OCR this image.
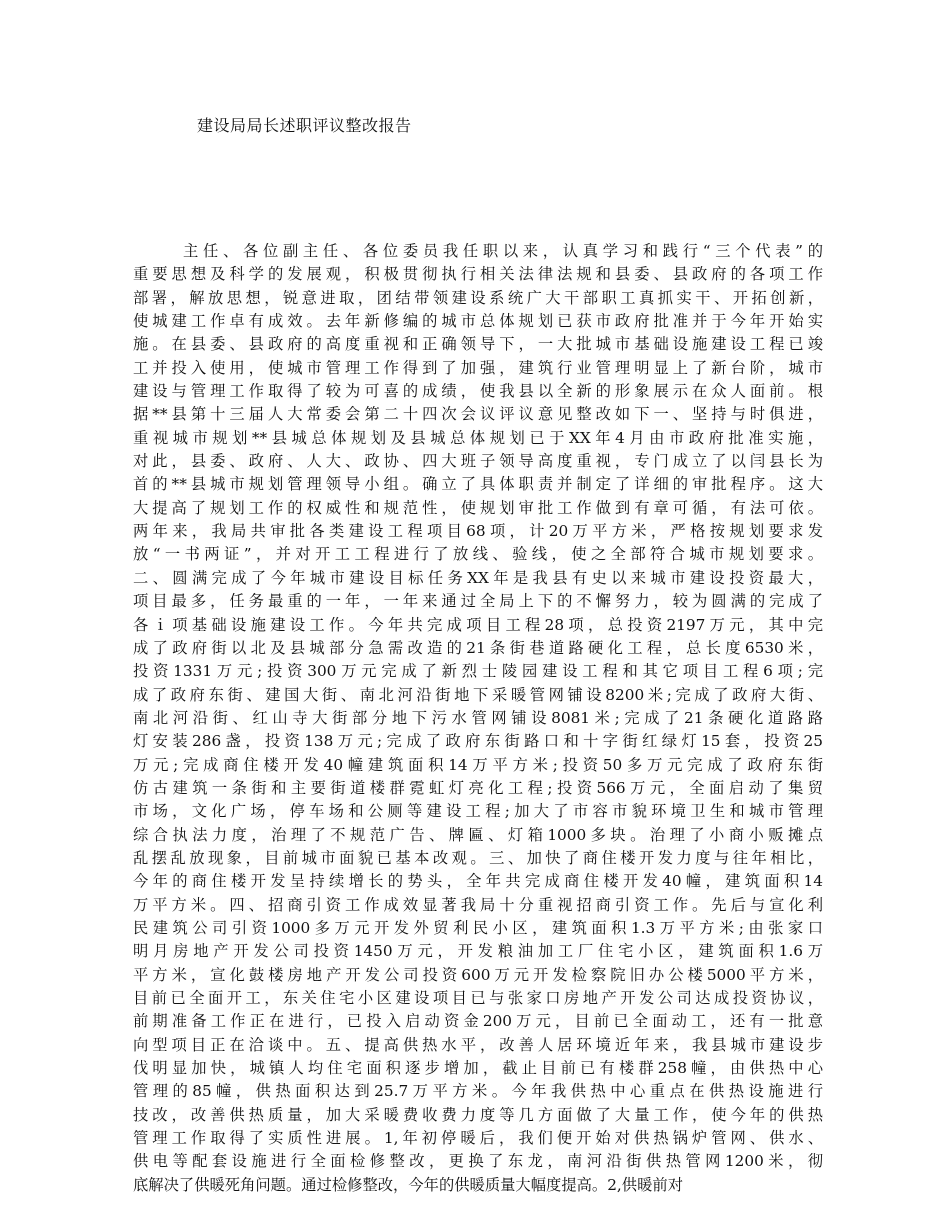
建设局局长述职评议整改报告
主任、各位副主任、各位委员我任职以来，认真学习和践行“三个代表”的
重要思想及科学的发展观，积极贯彻执行相关法律法规和县委、县政府的各项工作
部署，解放思想，锐意进取，团结带领建设系统广大干部职工真抓实干、开拓创新，
使城建工作卓有成效。去年新修编的城市总体规划已获市政府批准并于今年开始实
施。在县委、县政府的高度重视和正确领导下，一大批城市基础设施建设工程已竣
工并投入使用，使城市管理工作得到了加强，建筑行业管理明显上了新台阶，城市
建设与管理工作取得了较为可喜的成绩，使我县以全新的形象展示在众人面前。根
据**县第十三届人大常委会第二十四次会议评议意见整改如下一、坚持与时俱进，
重视城市规划**县城总体规划及县城总体规划已于XX年4月由市政府批准实施，
对此，县委、政府、人大、政协、四大班子领导高度重视，专门成立了以闫县长为
首的**县城市规划管理领导小组。确立了具体职责并制定了详细的审批程序。这大
大提高了规划工作的权威性和规范性，使规划审批工作做到有章可循，有法可依。
两年来，我局共审批各类建设工程项目68项，计20万平方米，严格按规划要求发
放“一书两证”，并对开工工程进行了放线、验线，使之全部符合城市规划要求。
二、圆满完成了今年城市建设目标任务XX年是我县有史以来城市建设投资最大，
项目最多，任务最重的一年，一年来通过全局上下的不懈努力，较为圆满的完成了
各ｉ项基础设施建设工作。今年共完成项目工程28项，总投资2197万元，其中完
成了政府街以北及县城部分急需改造的21条街巷道路硬化工程，总长度6530米，
投资1331万元;投资300万元完成了新烈士陵园建设工程和其它项目工程6项;完
成了政府东街、建国大街、南北河沿街地下采暖管网铺设8200米;完成了政府大街、
南北河沿街、红山寺大街部分地下污水管网铺设8081米;完成了21条硬化道路路
灯安装286盏，投资138万元;完成了政府东街路口和十字街红绿灯15套，投资25
万元;完成商住楼开发40幢建筑面积14万平方米;投资50多万元完成了政府东街
仿古建筑一条街和主要街道楼群霓虹灯亮化工程;投资566万元，全面启动了集贸
市场，文化广场，停车场和公厕等建设工程;加大了市容市貌环境卫生和城市管理
综合执法力度，治理了不规范广告、牌匾、灯箱1000多块。治理了小商小贩摊点
乱摆乱放现象，目前城市面貌已基本改观。三、加快了商住楼开发力度与往年相比，
今年的商住楼开发呈持续增长的势头，全年共完成商住楼开发40幢，建筑面积14
万平方米。四、招商引资工作成效显著我局十分重视招商引资工作。先后与宣化利
民建筑公司引资1000多万元开发外贸利民小区，建筑面积1.3万平方米;由张家口
明月房地产开发公司投资1450万元，开发粮油加工厂住宅小区，建筑面积1.6万
平方米，宣化鼓楼房地产开发公司投资600万元开发检察院旧办公楼5000平方米，
目前已全面开工，东关住宅小区建设项目已与张家口房地产开发公司达成投资协议，
前期准备工作正在进行，已投入启动资金200万元，目前已全面动工，还有一批意
向型项目正在洽谈中。五、提高供热水平，改善人居环境近年来，我县城市建设步
伐明显加快，城镇人均住宅面积逐步增加，截止目前已有楼群258幢，由供热中心
管理的85幢，供热面积达到25.7万平方米。今年我供热中心重点在供热设施进行
技改，改善供热质量，加大采暖费收费力度等几方面做了大量工作，使今年的供热
管理工作取得了实质性进展。1,年初停暖后，我们便开始对供热锅炉管网、供水、
供电等配套设施进行全面检修整改，更换了东龙，南河沿街供热管网1200米，彻
底解决了供暖死角问题。通过检修整改，今年的供暖质量大幅度提高。2,供暖前对
